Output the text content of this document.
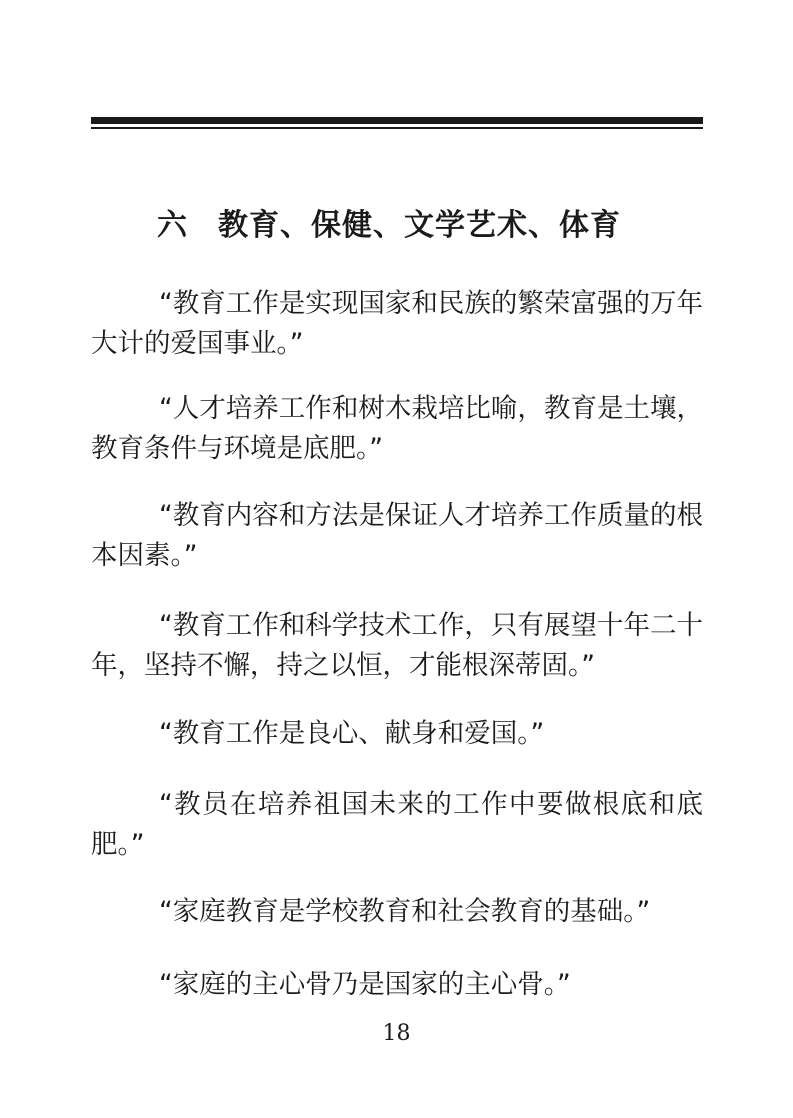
六 教育、保健、文学艺术、体育

“教育工作是实现国家和民族的繁荣富强的万年大计的爱国事业。”

“人才培养工作和树木栽培比喻，教育是土壤，教育条件与环境是底肥。”

“教育内容和方法是保证人才培养工作质量的根本因素。”

“教育工作和科学技术工作，只有展望十年二十年，坚持不懈，持之以恒，才能根深蒂固。”

“教育工作是良心、献身和爱国。”

“教员在培养祖国未来的工作中要做根底和底肥。”

“家庭教育是学校教育和社会教育的基础。”

“家庭的主心骨乃是国家的主心骨。”

18
